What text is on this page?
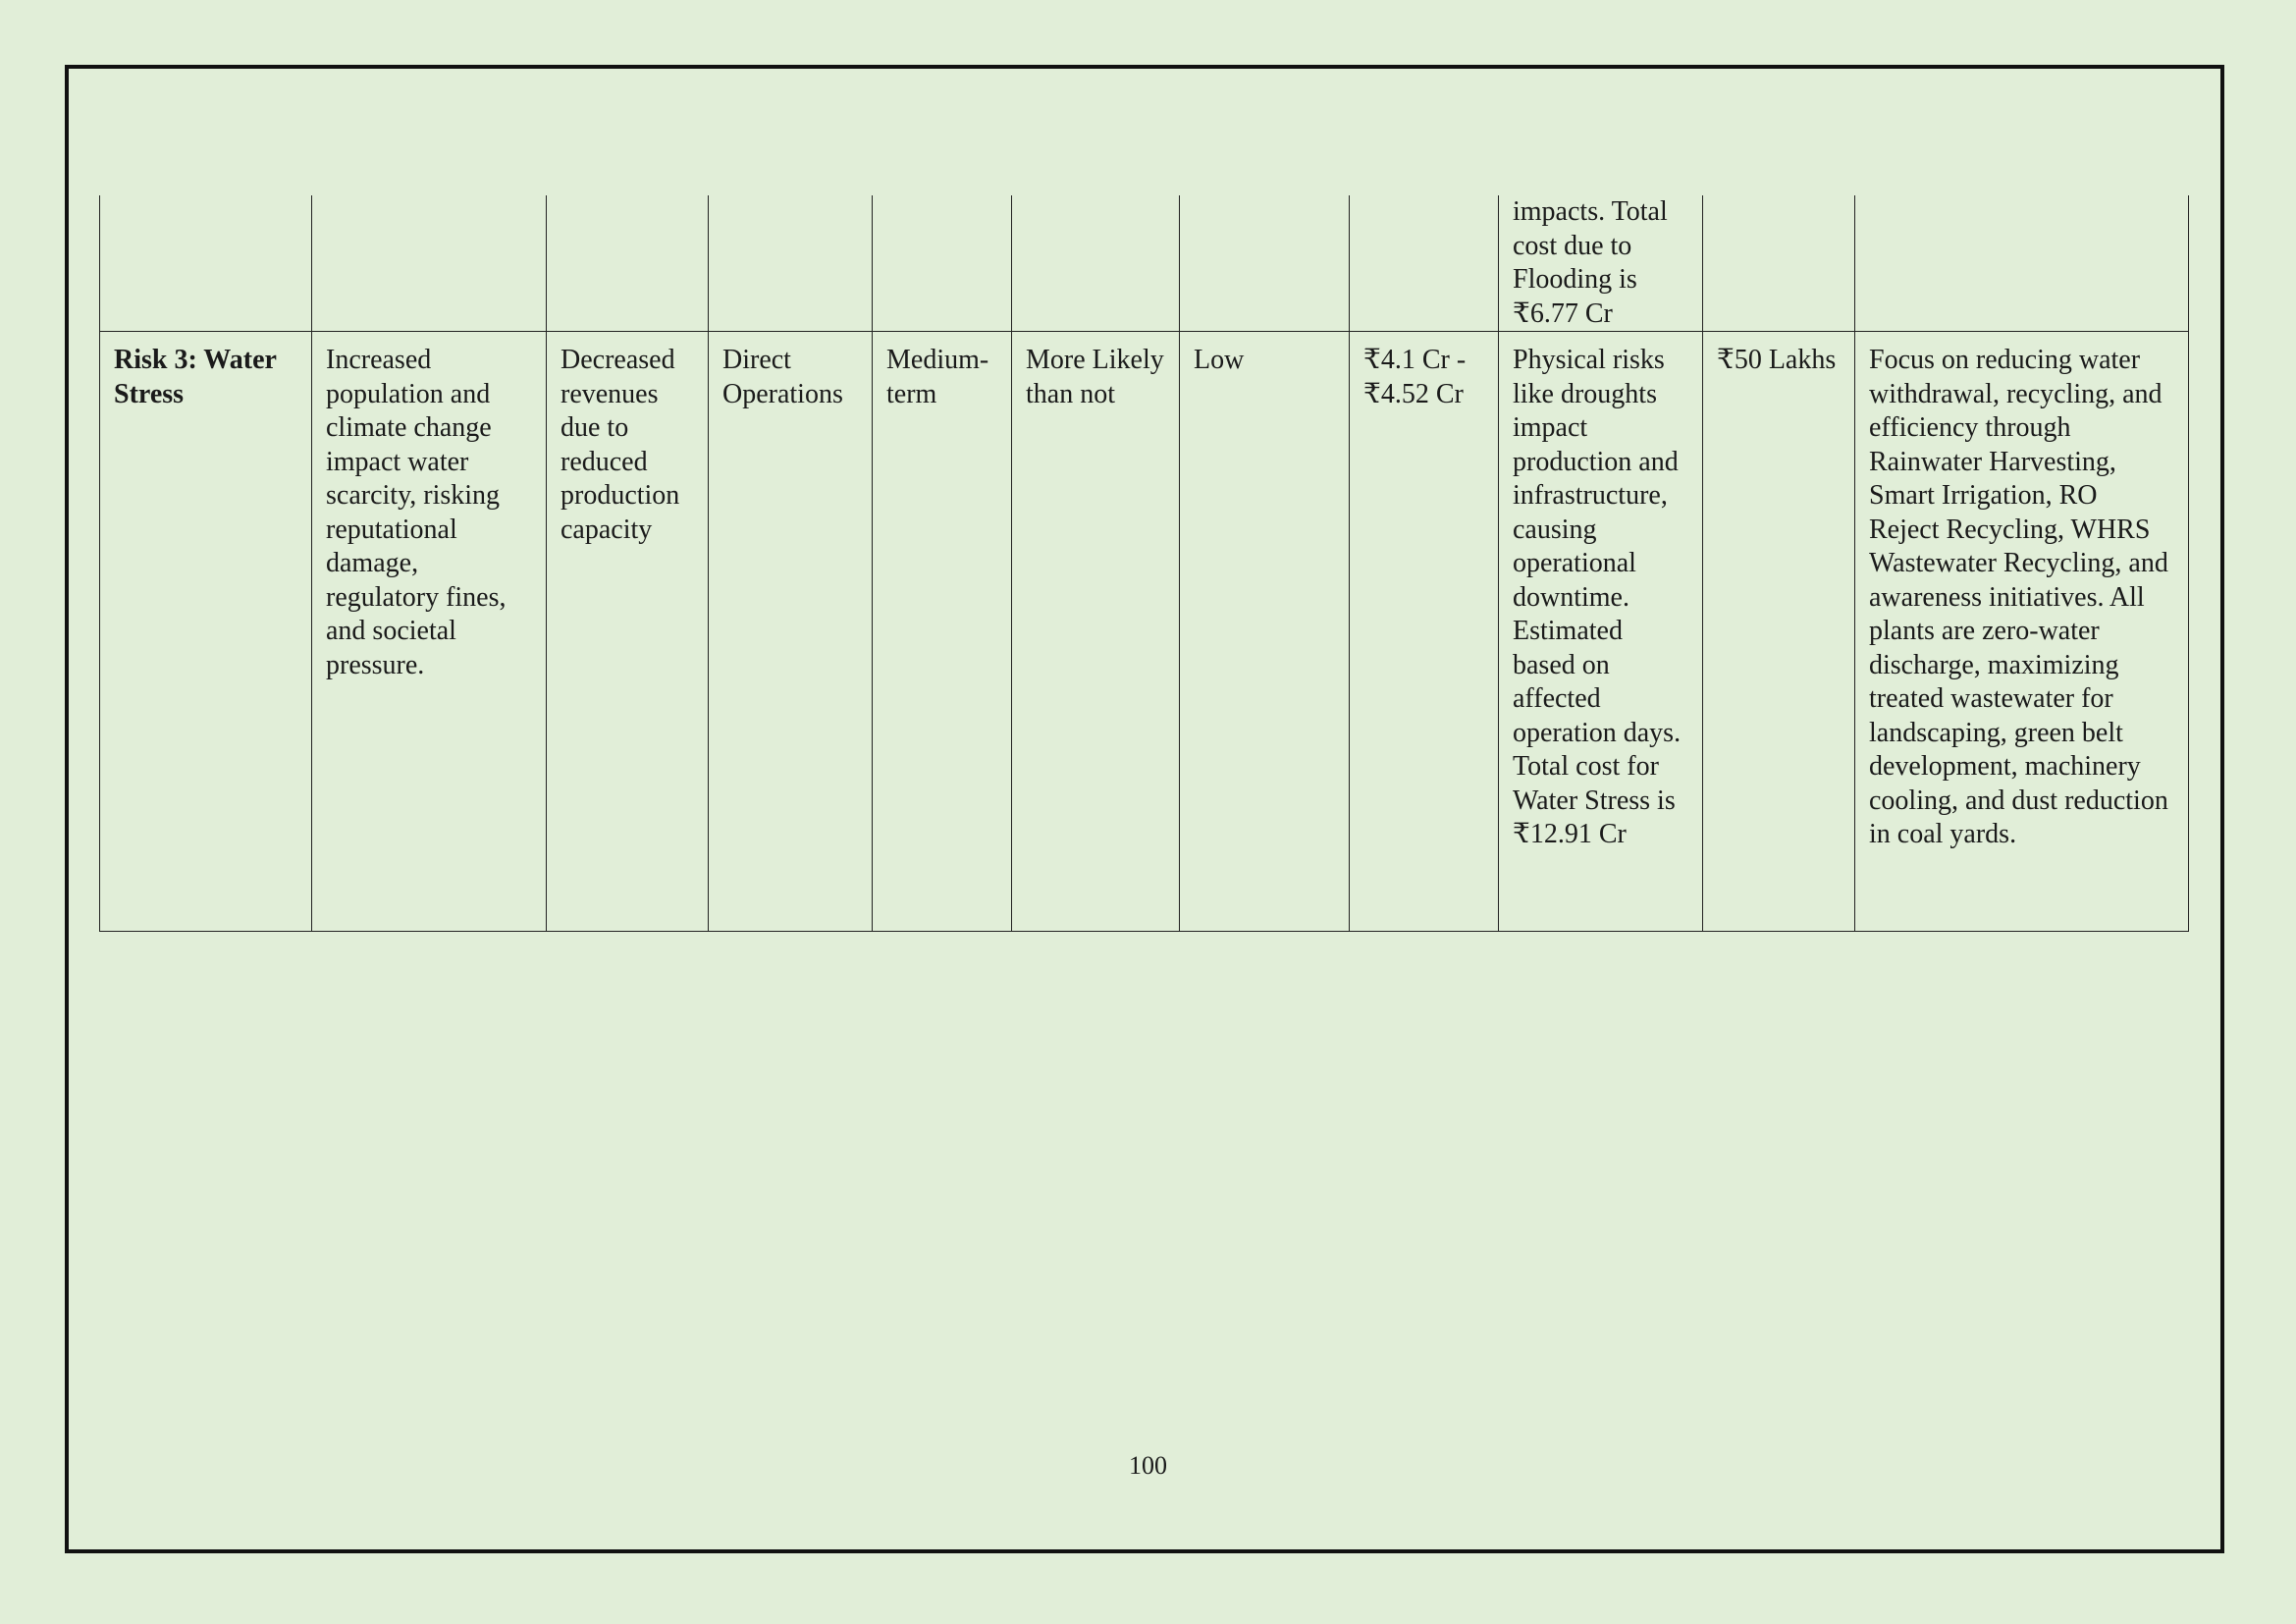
								impacts. Total cost due to Flooding is ₹6.77 Cr		
Risk 3: Water Stress	Increased population and climate change impact water scarcity, risking reputational damage, regulatory fines, and societal pressure.	Decreased revenues due to reduced production capacity	Direct Operations	Medium-term	More Likely than not	Low	₹4.1 Cr - ₹4.52 Cr	Physical risks like droughts impact production and infrastructure, causing operational downtime. Estimated based on affected operation days. Total cost for Water Stress is ₹12.91 Cr	₹50 Lakhs	Focus on reducing water withdrawal, recycling, and efficiency through Rainwater Harvesting, Smart Irrigation, RO Reject Recycling, WHRS Wastewater Recycling, and awareness initiatives. All plants are zero-water discharge, maximizing treated wastewater for landscaping, green belt development, machinery cooling, and dust reduction in coal yards.
100
